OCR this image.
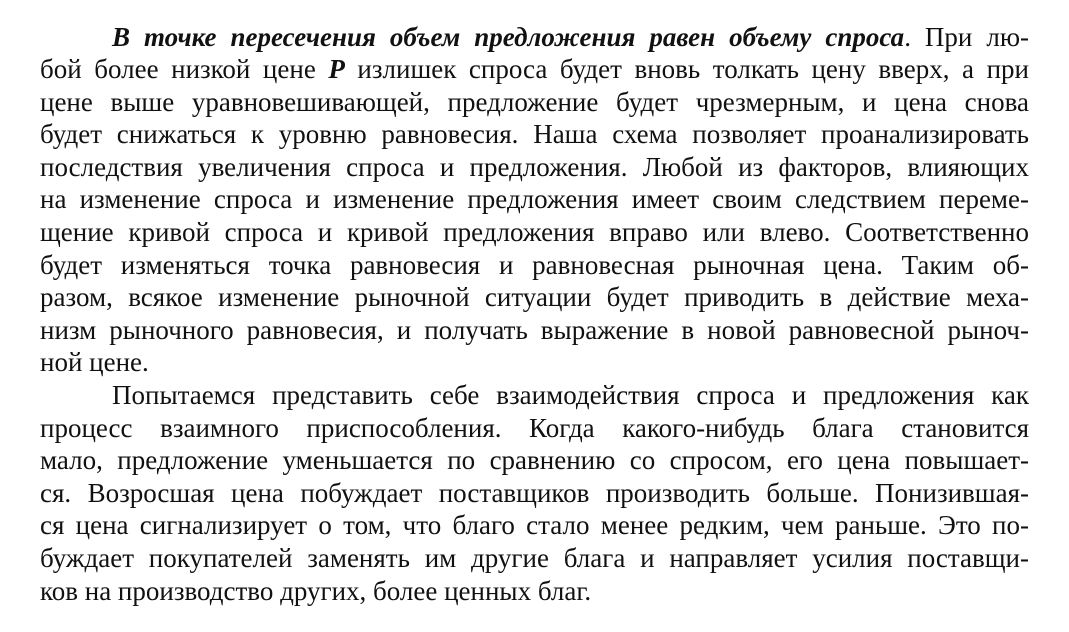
В точке пересечения объем предложения равен объему спроса. При лю-
бой более низкой цене P излишек спроса будет вновь толкать цену вверх, а при
цене выше уравновешивающей, предложение будет чрезмерным, и цена снова
будет снижаться к уровню равновесия. Наша схема позволяет проанализировать
последствия увеличения спроса и предложения. Любой из факторов, влияющих
на изменение спроса и изменение предложения имеет своим следствием переме-
щение кривой спроса и кривой предложения вправо или влево. Соответственно
будет изменяться точка равновесия и равновесная рыночная цена. Таким об-
разом, всякое изменение рыночной ситуации будет приводить в действие меха-
низм рыночного равновесия, и получать выражение в новой равновесной рыноч-
ной цене.
Попытаемся представить себе взаимодействия спроса и предложения как
процесс взаимного приспособления. Когда какого-нибудь блага становится
мало, предложение уменьшается по сравнению со спросом, его цена повышает-
ся. Возросшая цена побуждает поставщиков производить больше. Понизившая-
ся цена сигнализирует о том, что благо стало менее редким, чем раньше. Это по-
буждает покупателей заменять им другие блага и направляет усилия поставщи-
ков на производство других, более ценных благ.
